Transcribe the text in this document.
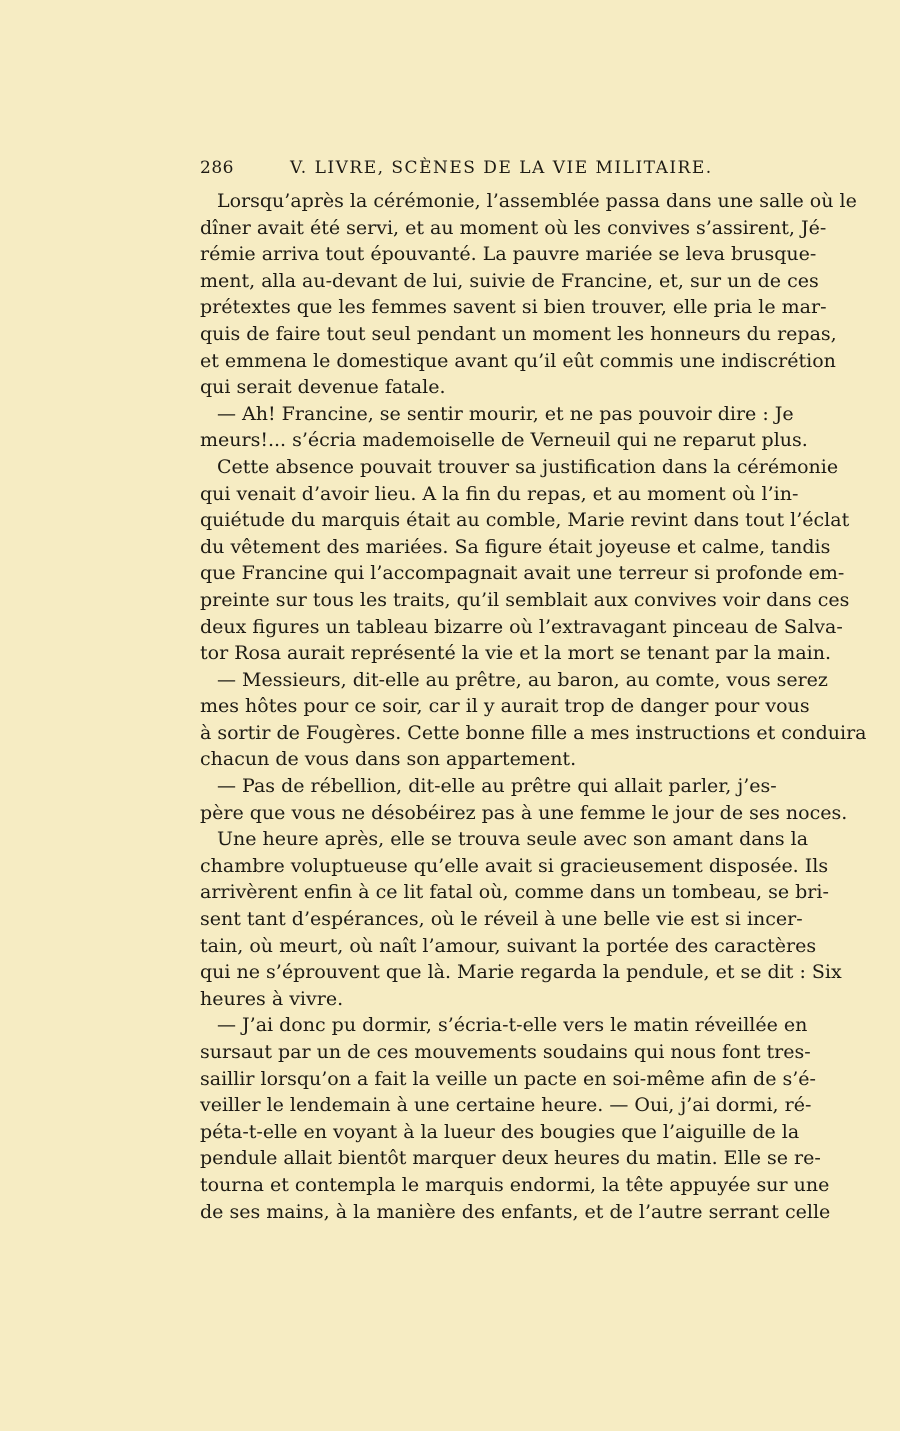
286	V. LIVRE, SCÈNES DE LA VIE MILITAIRE.
Lorsqu’après la cérémonie, l’assemblée passa dans une salle où le
dîner avait été servi, et au moment où les convives s’assirent, Jé-
rémie arriva tout épouvanté. La pauvre mariée se leva brusque-
ment, alla au-devant de lui, suivie de Francine, et, sur un de ces
prétextes que les femmes savent si bien trouver, elle pria le mar-
quis de faire tout seul pendant un moment les honneurs du repas,
et emmena le domestique avant qu’il eût commis une indiscrétion
qui serait devenue fatale.
— Ah! Francine, se sentir mourir, et ne pas pouvoir dire : Je
meurs!... s’écria mademoiselle de Verneuil qui ne reparut plus.
Cette absence pouvait trouver sa justification dans la cérémonie
qui venait d’avoir lieu. A la fin du repas, et au moment où l’in-
quiétude du marquis était au comble, Marie revint dans tout l’éclat
du vêtement des mariées. Sa figure était joyeuse et calme, tandis
que Francine qui l’accompagnait avait une terreur si profonde em-
preinte sur tous les traits, qu’il semblait aux convives voir dans ces
deux figures un tableau bizarre où l’extravagant pinceau de Salva-
tor Rosa aurait représenté la vie et la mort se tenant par la main.
— Messieurs, dit-elle au prêtre, au baron, au comte, vous serez
mes hôtes pour ce soir, car il y aurait trop de danger pour vous
à sortir de Fougères. Cette bonne fille a mes instructions et conduira
chacun de vous dans son appartement.
— Pas de rébellion, dit-elle au prêtre qui allait parler, j’es-
père que vous ne désobéirez pas à une femme le jour de ses noces.
Une heure après, elle se trouva seule avec son amant dans la
chambre voluptueuse qu’elle avait si gracieusement disposée. Ils
arrivèrent enfin à ce lit fatal où, comme dans un tombeau, se bri-
sent tant d’espérances, où le réveil à une belle vie est si incer-
tain, où meurt, où naît l’amour, suivant la portée des caractères
qui ne s’éprouvent que là. Marie regarda la pendule, et se dit : Six
heures à vivre.
— J’ai donc pu dormir, s’écria-t-elle vers le matin réveillée en
sursaut par un de ces mouvements soudains qui nous font tres-
saillir lorsqu’on a fait la veille un pacte en soi-même afin de s’é-
veiller le lendemain à une certaine heure. — Oui, j’ai dormi, ré-
péta-t-elle en voyant à la lueur des bougies que l’aiguille de la
pendule allait bientôt marquer deux heures du matin. Elle se re-
tourna et contempla le marquis endormi, la tête appuyée sur une
de ses mains, à la manière des enfants, et de l’autre serrant celle
